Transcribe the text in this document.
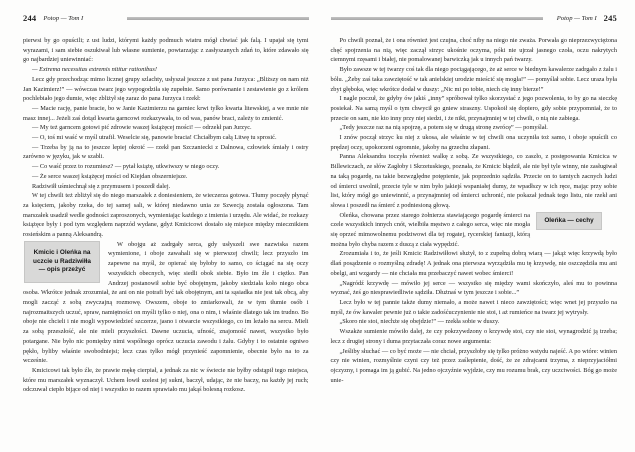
244 Potop — Tom I

pierwsi by go opuścili; z ust ludzi, którymi każdy podmuch wiatru mógł chwiać jak falą. I upajał się tymi wyrazami, i sam siebie oszukiwał lub własne sumienie, powtarzając z zasłyszanych zdań to, które zdawało się go najbardziej uniewinniać:

— Extrema necessitas extremis nititur rationibus!

Lecz gdy przechodząc mimo licznej grupy szlachty, usłyszał jeszcze z ust pana Jurzyca: „Bliższy on nam niż Jan Kazimierz!” — wówczas twarz jego wypogodziła się zupełnie. Samo porównanie i zestawienie go z królem pochlebiało jego dumie, więc zbliżył się zaraz do pana Jurzyca i rzekł:

— Macie rację, panie bracie, bo w Janie Kazimierzu na garniec krwi tylko kwarta litewskiej, a we mnie nie masz innej... Jeżeli zaś dotąd kwarta garncowi rozkazywała, to od was, panów braci, zależy to zmienić.

— My też garncem gotowi pić zdrowie waszej książęcej mości! — odrzekł pan Jurzyc.

— O, toś mi waść w myśl utrafił. Weselcie się, panowie bracia! Chciałbym całą Litwę tu sprosić.

— Trzeba by ją na to jeszcze lepiej okroić — rzekł pan Szczaniecki z Dalnowa, człowiek śmiały i ostry zarówno w języku, jak w szabli.

— Co waść przez to rozumiesz? — pytał książę, utkwiwszy w niego oczy.

— Że serce waszej książęcej mości od Kiejdan obszerniejsze.

Radziwiłł uśmiechnął się z przymusem i poszedł dalej.

W tej chwili też zbliżył się do niego marszałek z doniesieniem, że wieczerza gotowa. Tłumy poczęły płynąć za księciem, jakoby rzeka, do tej samej sali, w której niedawno unia ze Szwecją została ogłoszona. Tam marszałek usadził wedle godności zaproszonych, wymieniając każdego z imienia i urzędu. Ale widać, że rozkazy książęce były i pod tym względem naprzód wydane, gdyż Kmicicowi dostało się miejsce między miecznikiem rosieńskim a panną Aleksandrą.

Kmicic i Oleńka na uczcie u Radziwiłła — opis przeżyć
W obojgu aż zadrgały serca, gdy usłyszeli swe nazwiska razem wymienione, i oboje zawahali się w pierwszej chwili; lecz przyszło im zapewne na myśl, że opierać się byłoby to samo, co ściągać na się oczy wszystkich obecnych, więc siedli obok siebie. Było im źle i ciężko. Pan Andrzej postanowił sobie być obojętnym, jakoby siedziała koło niego obca osoba. Wkrótce jednak zrozumiał, że ani on nie potrafi być tak obojętnym, ani ta sąsiadka nie jest tak obcą, aby mogli zacząć z sobą zwyczajną rozmowę. Owszem, oboje to zmiarkowali, że w tym tłumie osób i najrozmaitszych uczuć, spraw, namiętności on myśli tylko o niej, ona o nim, i właśnie dlatego tak im trudno. Bo oboje nie chcieli i nie mogli wypowiedzieć szczerze, jasno i otwarcie wszystkiego, co im leżało na sercu. Mieli za sobą przeszłość, ale nie mieli przyszłości. Dawne uczucia, ufność, znajomość nawet, wszystko było potargane. Nie było nic pomiędzy nimi wspólnego oprócz uczucia zawodu i żalu. Gdyby i to ostatnie ogniwo pękło, byliby właśnie swobodniejsi; lecz czas tylko mógł przynieść zapomnienie, obecnie było na to za wcześnie.

Kmicicowi tak było źle, że prawie mękę cierpiał, a jednak za nic w świecie nie byłby odstąpił tego miejsca, które mu marszałek wyznaczył. Uchem łowił szelest jej sukni, baczył, udając, że nie baczy, na każdy jej ruch; odczuwał ciepło bijące od niej i wszystko to razem sprawiało mu jakąś bolesną rozkosz.

Potop — Tom I 245

Po chwili poznał, że i ona również jest czujna, choć niby na niego nie zważa. Porwała go nieprzezwyciężona chęć spojrzenia na nią, więc zaczął strzyc ukośnie oczyma, póki nie ujrzał jasnego czoła, oczu nakrytych ciemnymi rzęsami i białej, nie pomalowanej barwiczką jak u innych pań twarzy.

Było zawsze w tej twarzy coś tak dla niego pociągającego, że aż serce w biednym kawalerze zadrgało z żalu i bólu. „Żeby zaś taka zawziętość w tak anielskiej urodzie mieścić się mogła!” — pomyślał sobie. Lecz uraza była zbyt głęboka, więc wkrótce dodał w duszy: „Nic mi po tobie, niech cię inny bierze!”

I nagle poczuł, że gdyby ów jakiś „inny” spróbował tylko skorzystać z jego pozwolenia, to by go na sieczkę posiekał. Na samą myśl o tym chwycił go gniew straszny. Uspokoił się dopiero, gdy sobie przypomniał, że to przecie on sam, nie kto inny przy niej siedzi, i że nikt, przynajmniej w tej chwili, o nią nie zabiega.

„Tedy jeszcze raz na nią spojrzę, a potem się w drugą stronę zwrócę” — pomyślał.

I znów począł strzyc ku niej z ukosa, ale właśnie w tej chwili ona uczyniła toż samo, i oboje spuścili co prędzej oczy, upokorzeni ogromnie, jakoby na grzechu złapani.

Panna Aleksandra toczyła również walkę z sobą. Ze wszystkiego, co zaszło, z postępowania Kmicica w Billewiczach, ze słów Zagłoby i Skrzetuskiego, poznała, że Kmicic błądził, ale nie był tyle winny, nie zasługiwał na taką pogardę, na takie bezwzględne potępienie, jak poprzednio sądziła. Przecie on to tamtych zacnych ludzi od śmierci uwolnił, przecie tyle w nim było jakiejś wspaniałej dumy, że wpadłszy w ich ręce, mając przy sobie list, który mógł go uniewinnić, a przynajmniej od śmierci uchronić, nie pokazał jednak tego listu, nie rzekł ani słowa i poszedł na śmierć z podniesioną głową.

Oleńka — cechy
Oleńka, chowana przez starego żołnierza stawiającego pogardę śmierci na czele wszystkich innych cnót, wielbiła męstwo z całego serca, więc nie mogła się oprzeć mimowolnemu podziwowi dla tej rogatej, rycerskiej fantazji, którą można było chyba razem z duszą z ciała wypędzić.

Zrozumiała i to, że jeśli Kmicic Radziwiłłowi służył, to z zupełną dobrą wiarą — jakąż więc krzywdą było dlań posądzenie o rozmyślną zdradę! A jednak ona pierwsza wyrządziła mu tę krzywdę, nie oszczędziła mu ani obelgi, ani wzgardy — nie chciała mu przebaczyć nawet wobec śmierci!

„Nagródź krzywdę — mówiło jej serce — wszystko się między wami skończyło, aleś mu to powinna wyznać, żeś go niesprawiedliwie sądziła. Dłużnaś w tym jeszcze i sobie...”

Lecz było w tej pannie także dumy niemało, a może nawet i nieco zawziętości; więc wnet jej przyszło na myśl, że ów kawaler pewnie już o takie zadośćuczynienie nie stoi, i aż rumieńce na twarz jej wytrysły.

„Skoro nie stoi, niechże się obejdzie!” — rzekła sobie w duszy.

Wszakże sumienie mówiło dalej, że czy pokrzywdzony o krzywdę stoi, czy nie stoi, wynagrodzić ją trzeba; lecz z drugiej strony i duma przytaczała coraz nowe argumenta:

„Jeśliby słuchać — co być może — nie chciał, przyszłoby się tylko próżno wstydu najeść. A po wtóre: winien czy nie winien, rozmyślnie czyni czy też przez zaślepienie, dość, że ze zdrajcami trzyma, z nieprzyjaciółmi ojczyzny, i pomaga im ją gubić. Na jedno ojczyźnie wyjdzie, czy mu rozumu brak, czy uczciwości. Bóg go może unie-
